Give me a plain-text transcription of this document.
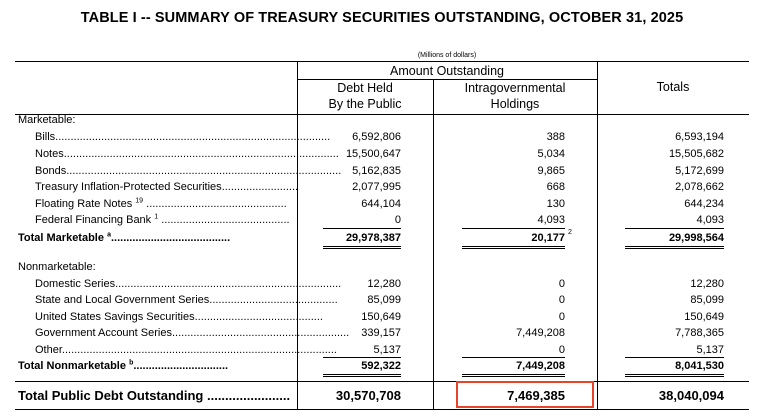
TABLE I -- SUMMARY OF TREASURY SECURITIES OUTSTANDING, OCTOBER 31, 2025
(Millions of dollars)
Amount Outstanding
Debt Held
By the Public
Intragovernmental
Holdings
Totals
Marketable:
Bills..........................................................................................	6,592,806	388	6,593,194
Notes.......................................................................................... 15,500,647	5,034	15,505,682
Bonds.......................................................................................... 5,162,835	9,865	5,172,699
Treasury Inflation-Protected Securities.........................	2,077,995	668	2,078,662
Floating Rate Notes $^{19}$ ..............................................	644,104	130	644,234
Federal Financing Bank $^1$ ..........................................	0	4,093	4,093
Total Marketable $^a$.......................................	29,978,387	20,177 2	29,998,564
Nonmarketable:
Domestic Series..........................................................................	12,280	0	12,280
State and Local Government Series..........................................	85,099	0	85,099
United States Savings Securities..........................................	150,649	0	150,649
Government Account Series..........................................................	339,157	7,449,208	7,788,365
Other..........................................................................................	5,137	0	5,137
Total Nonmarketable $^b$...............................	592,322	7,449,208	8,041,530
Total Public Debt Outstanding .......................	30,570,708	7,469,385	38,040,094
